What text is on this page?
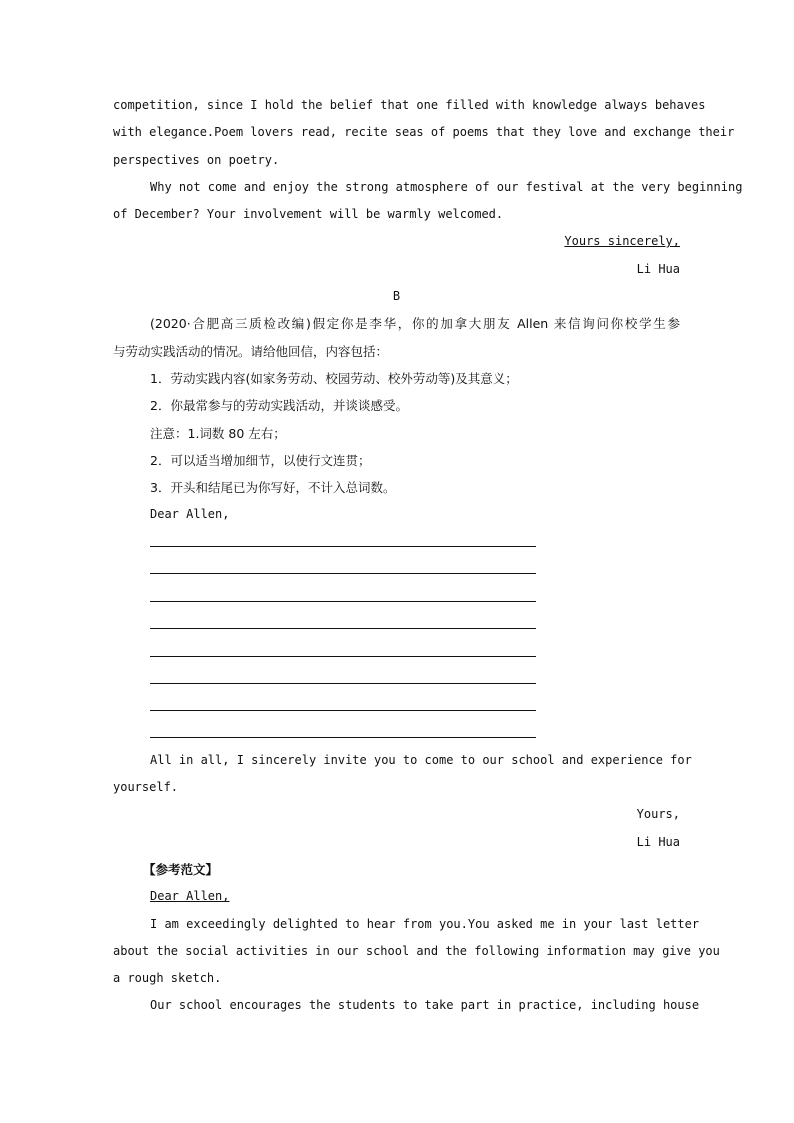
competition, since I hold the belief that one filled with knowledge always behaves
with elegance.Poem lovers read, recite seas of poems that they love and exchange their
perspectives on poetry.
Why not come and enjoy the strong atmosphere of our festival at the very beginning
of December? Your involvement will be warmly welcomed.
Yours sincerely,
Li Hua
B
(2020·合肥高三质检改编)假定你是李华，你的加拿大朋友 Allen 来信询问你校学生参
与劳动实践活动的情况。请给他回信，内容包括：
1．劳动实践内容(如家务劳动、校园劳动、校外劳动等)及其意义；
2．你最常参与的劳动实践活动，并谈谈感受。
注意：1.词数 80 左右；
2．可以适当增加细节，以使行文连贯；
3．开头和结尾已为你写好，不计入总词数。
Dear Allen,
All in all, I sincerely invite you to come to our school and experience for
yourself.
Yours,
Li Hua
【参考范文】
Dear Allen,
I am exceedingly delighted to hear from you.You asked me in your last letter
about the social activities in our school and the following information may give you
a rough sketch.
Our school encourages the students to take part in practice, including house
